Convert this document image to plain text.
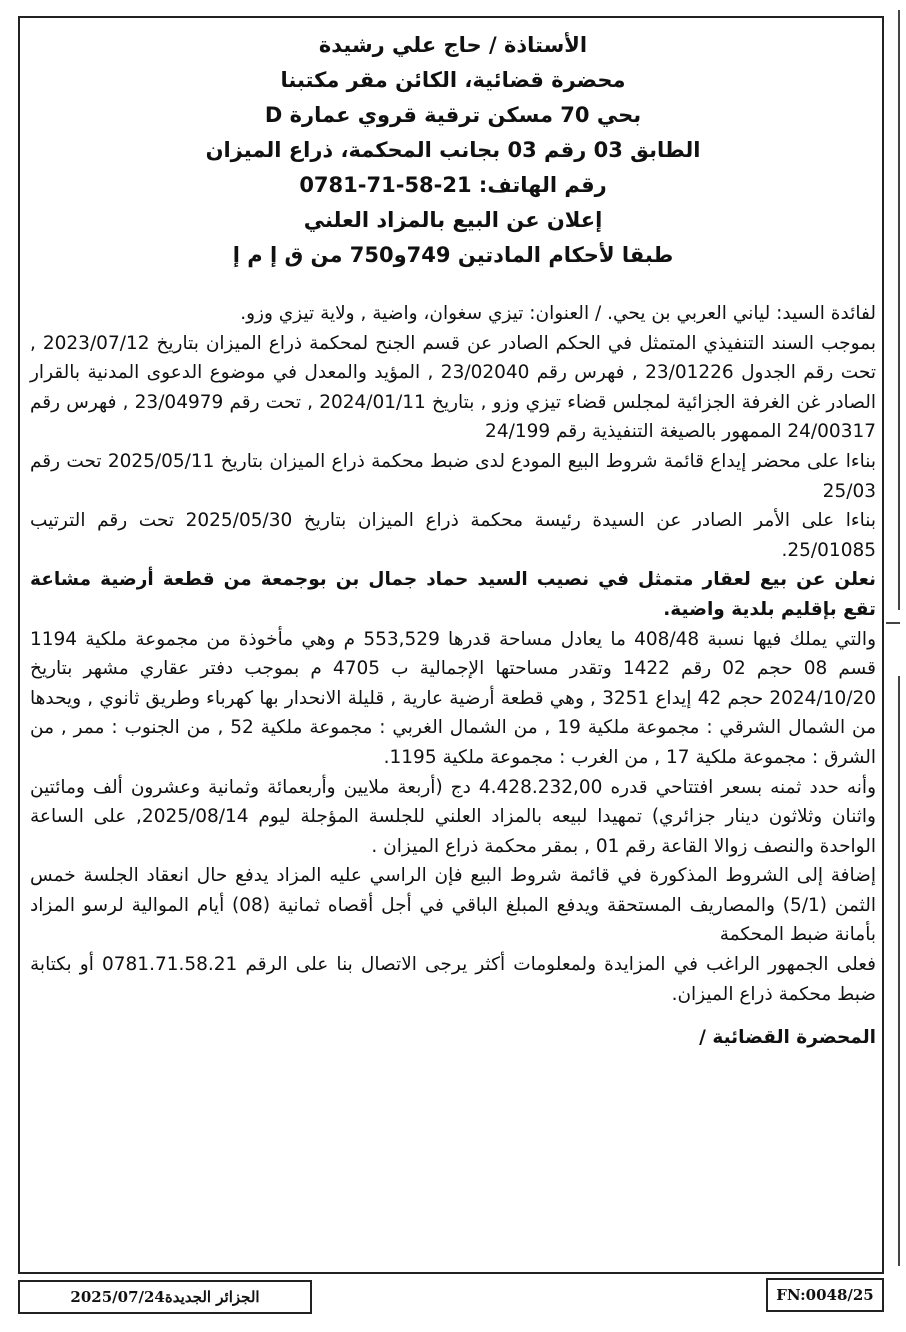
الأستاذة / حاج علي رشيدة
محضرة قضائية، الكائن مقر مكتبنا
بحي 70 مسكن ترقية قروي عمارة D
الطابق 03 رقم 03 بجانب المحكمة، ذراع الميزان
رقم الهاتف: 21-58-71-0781
إعلان عن البيع بالمزاد العلني
طبقا لأحكام المادتين 749و750 من ق إ م إ

لفائدة السيد: لياني العربي بن يحي. / العنوان: تيزي سغوان، واضية , ولاية تيزي وزو.

بموجب السند التنفيذي المتمثل في الحكم الصادر عن قسم الجنح لمحكمة ذراع الميزان بتاريخ 2023/07/12 , تحت رقم الجدول 23/01226 , فهرس رقم 23/02040 , المؤيد والمعدل في موضوع الدعوى المدنية بالقرار الصادر غن الغرفة الجزائية لمجلس قضاء تيزي وزو , بتاريخ 2024/01/11 , تحت رقم 23/04979 , فهرس رقم 24/00317 الممهور بالصيغة التنفيذية رقم 24/199

بناءا على محضر إيداع قائمة شروط البيع المودع لدى ضبط محكمة ذراع الميزان بتاريخ 2025/05/11 تحت رقم 25/03

بناءا على الأمر الصادر عن السيدة رئيسة محكمة ذراع الميزان بتاريخ 2025/05/30 تحت رقم الترتيب 25/01085.

نعلن عن بيع لعقار متمثل في نصيب السيد حماد جمال بن بوجمعة من قطعة أرضية مشاعة تقع بإقليم بلدية واضية.

والتي يملك فيها نسبة 408/48 ما يعادل مساحة قدرها 553,529 م وهي مأخوذة من مجموعة ملكية 1194 قسم 08 حجم 02 رقم 1422 وتقدر مساحتها الإجمالية ب 4705 م بموجب دفتر عقاري مشهر بتاريخ 2024/10/20 حجم 42 إيداع 3251 , وهي قطعة أرضية عارية , قليلة الانحدار بها كهرباء وطريق ثانوي , ويحدها من الشمال الشرقي : مجموعة ملكية 19 , من الشمال الغربي : مجموعة ملكية 52 , من الجنوب : ممر , من الشرق : مجموعة ملكية 17 , من الغرب : مجموعة ملكية 1195.

وأنه حدد ثمنه بسعر افتتاحي قدره 4.428.232,00 دج (أربعة ملايين وأربعمائة وثمانية وعشرون ألف ومائتين واثنان وثلاثون دينار جزائري) تمهيدا لبيعه بالمزاد العلني للجلسة المؤجلة ليوم 2025/08/14, على الساعة الواحدة والنصف زوالا القاعة رقم 01 , بمقر محكمة ذراع الميزان .

إضافة إلى الشروط المذكورة في قائمة شروط البيع فإن الراسي عليه المزاد يدفع حال انعقاد الجلسة خمس الثمن (5/1) والمصاريف المستحقة ويدفع المبلغ الباقي في أجل أقصاه ثمانية (08) أيام الموالية لرسو المزاد بأمانة ضبط المحكمة

فعلى الجمهور الراغب في المزايدة ولمعلومات أكثر يرجى الاتصال بنا على الرقم 0781.71.58.21 أو بكتابة ضبط محكمة ذراع الميزان.

المحضرة القضائية /
الجزائر الجديدة2025/07/24	FN:0048/25
